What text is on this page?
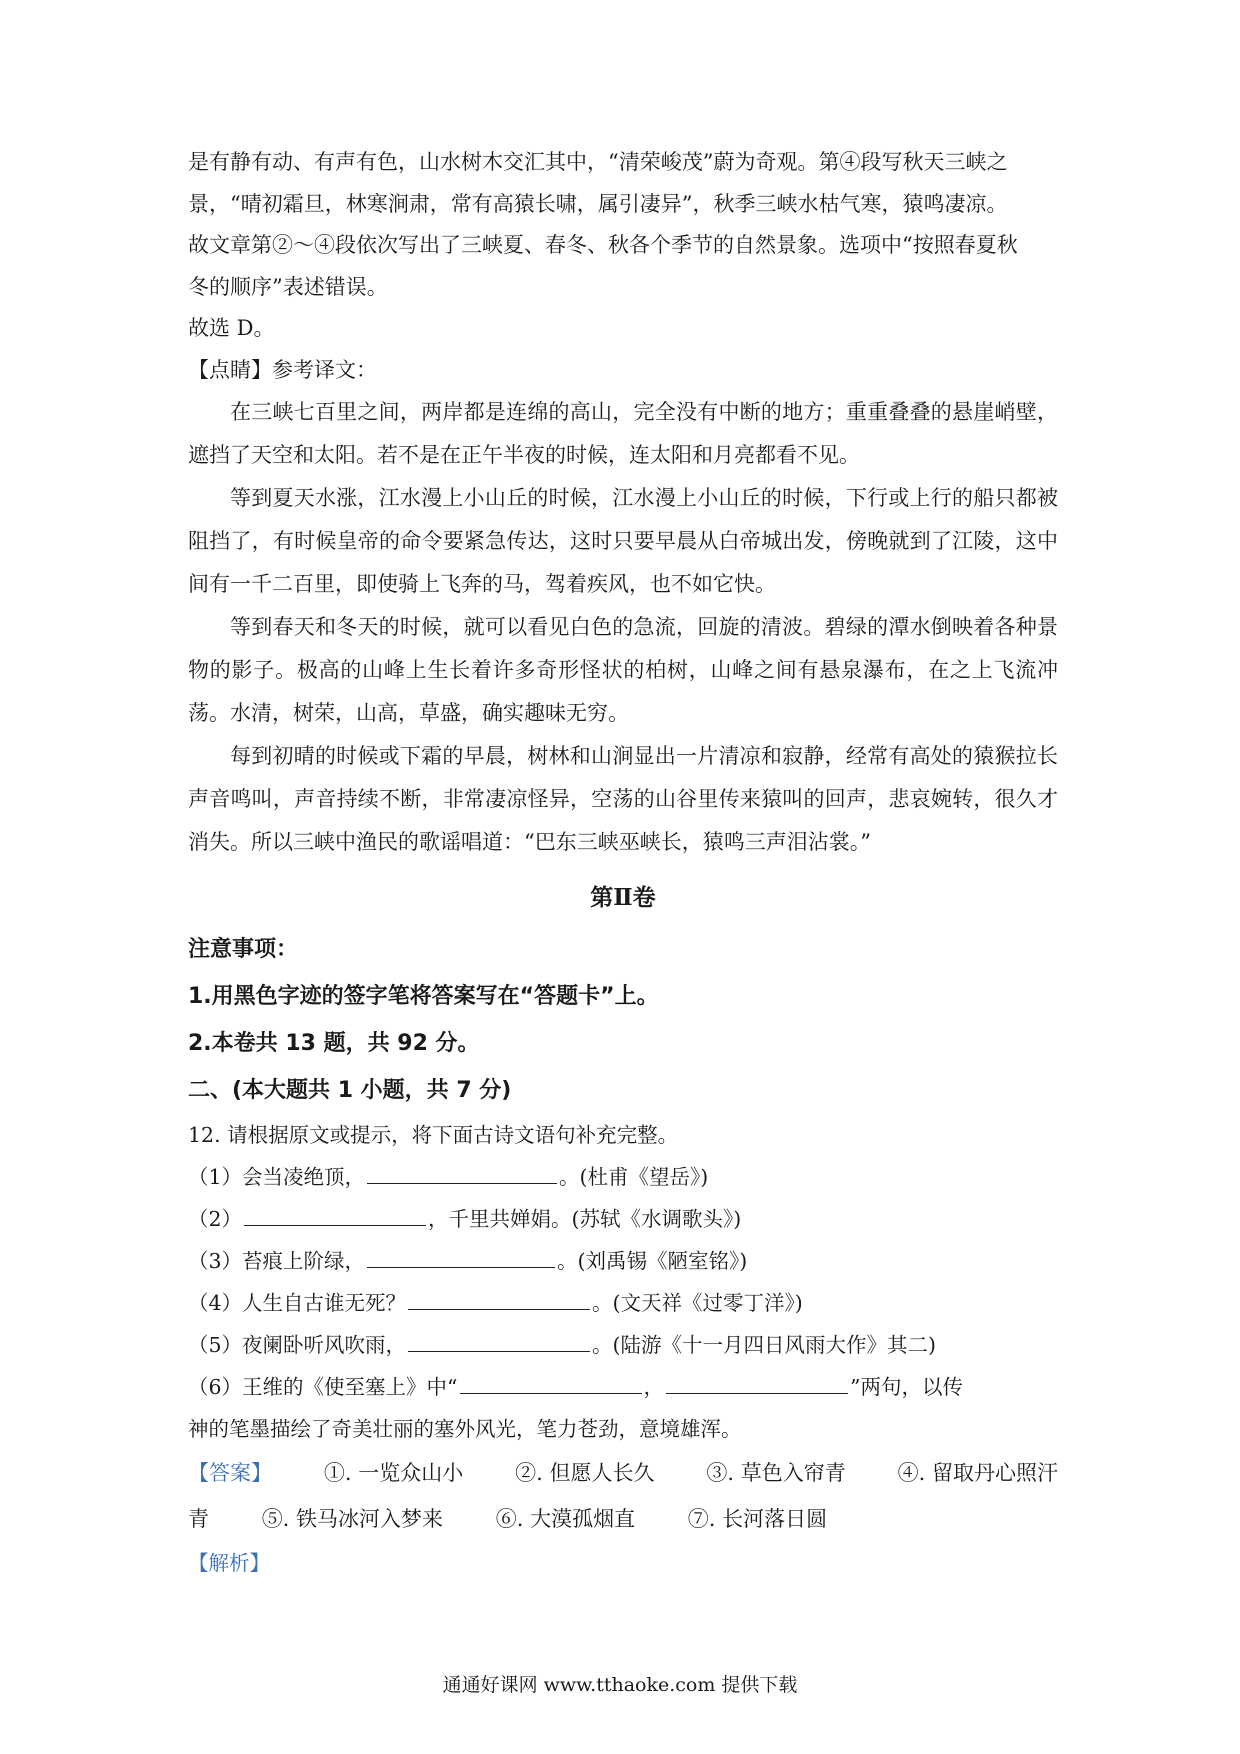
是有静有动、有声有色，山水树木交汇其中，“清荣峻茂”蔚为奇观。第④段写秋天三峡之
景，“晴初霜旦，林寒涧肃，常有高猿长啸，属引凄异”，秋季三峡水枯气寒，猿鸣凄凉。
故文章第②～④段依次写出了三峡夏、春冬、秋各个季节的自然景象。选项中“按照春夏秋
冬的顺序”表述错误。
故选 D。
【点睛】参考译文：

在三峡七百里之间，两岸都是连绵的高山，完全没有中断的地方；重重叠叠的悬崖峭壁，遮挡了天空和太阳。若不是在正午半夜的时候，连太阳和月亮都看不见。

等到夏天水涨，江水漫上小山丘的时候，江水漫上小山丘的时候，下行或上行的船只都被阻挡了，有时候皇帝的命令要紧急传达，这时只要早晨从白帝城出发，傍晚就到了江陵，这中间有一千二百里，即使骑上飞奔的马，驾着疾风，也不如它快。

等到春天和冬天的时候，就可以看见白色的急流，回旋的清波。碧绿的潭水倒映着各种景物的影子。极高的山峰上生长着许多奇形怪状的柏树，山峰之间有悬泉瀑布，在之上飞流冲荡。水清，树荣，山高，草盛，确实趣味无穷。

每到初晴的时候或下霜的早晨，树林和山涧显出一片清凉和寂静，经常有高处的猿猴拉长声音鸣叫，声音持续不断，非常凄凉怪异，空荡的山谷里传来猿叫的回声，悲哀婉转，很久才消失。所以三峡中渔民的歌谣唱道：“巴东三峡巫峡长，猿鸣三声泪沾裳。”

第Ⅱ卷
注意事项：
1.用黑色字迹的签字笔将答案写在“答题卡”上。
2.本卷共 13 题，共 92 分。
二、(本大题共 1 小题，共 7 分)
12. 请根据原文或提示，将下面古诗文语句补充完整。
（1）会当凌绝顶，	。(杜甫《望岳》)
（2）	，千里共婵娟。(苏轼《水调歌头》)
（3）苔痕上阶绿，	。(刘禹锡《陋室铭》)
（4）人生自古谁无死？	。(文天祥《过零丁洋》)
（5）夜阑卧听风吹雨，	。(陆游《十一月四日风雨大作》其二)
（6）王维的《使至塞上》中“	，	”两句，以传
神的笔墨描绘了奇美壮丽的塞外风光，笔力苍劲，意境雄浑。
【答案】 ①. 一览众山小 ②. 但愿人长久 ③. 草色入帘青 ④. 留取丹心照汗
青	⑤. 铁马冰河入梦来	⑥. 大漠孤烟直	⑦. 长河落日圆
【解析】
通通好课网 www.tthaoke.com 提供下载
